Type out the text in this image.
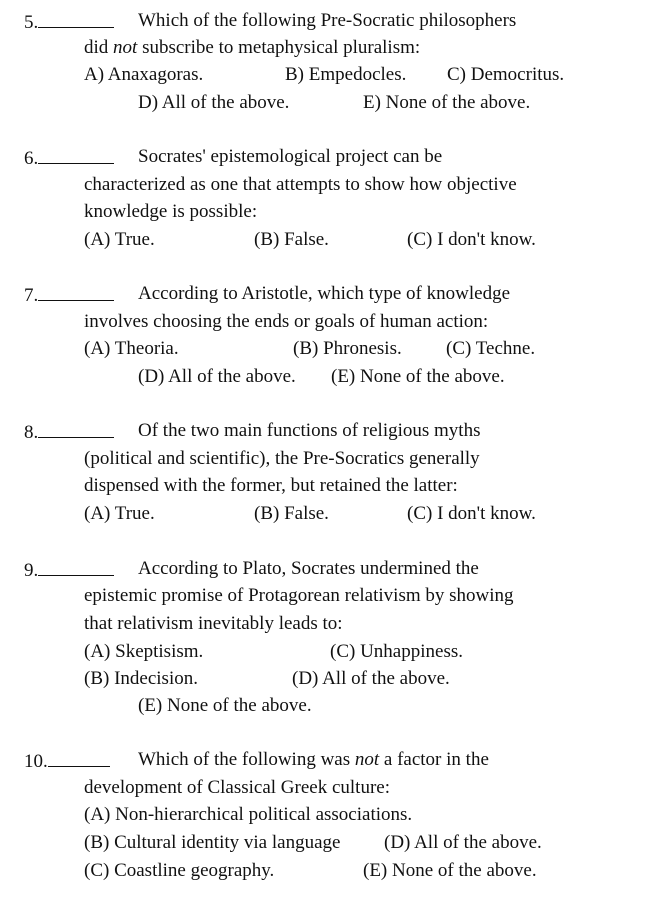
5.	Which of the following Pre-Socratic philosophers
did not subscribe to metaphysical pluralism:
A) Anaxagoras.	B) Empedocles. C) Democritus.
D) All of the above.	E) None of the above.
6.	Socrates' epistemological project can be
characterized as one that attempts to show how objective
knowledge is possible:
(A) True.	(B) False.	(C) I don't know.
7.	According to Aristotle, which type of knowledge
involves choosing the ends or goals of human action:
(A) Theoria.	(B) Phronesis. (C) Techne.
(D) All of the above. (E) None of the above.
8.	Of the two main functions of religious myths
(political and scientific), the Pre-Socratics generally
dispensed with the former, but retained the latter:
(A) True.	(B) False.	(C) I don't know.
9.	According to Plato, Socrates undermined the
epistemic promise of Protagorean relativism by showing
that relativism inevitably leads to:
(A) Skeptisism.	(C) Unhappiness.
(B) Indecision.	(D) All of the above.
(E) None of the above.
10.	Which of the following was not a factor in the
development of Classical Greek culture:
(A) Non-hierarchical political associations.
(B) Cultural identity via language (D) All of the above.
(C) Coastline geography.	(E) None of the above.
